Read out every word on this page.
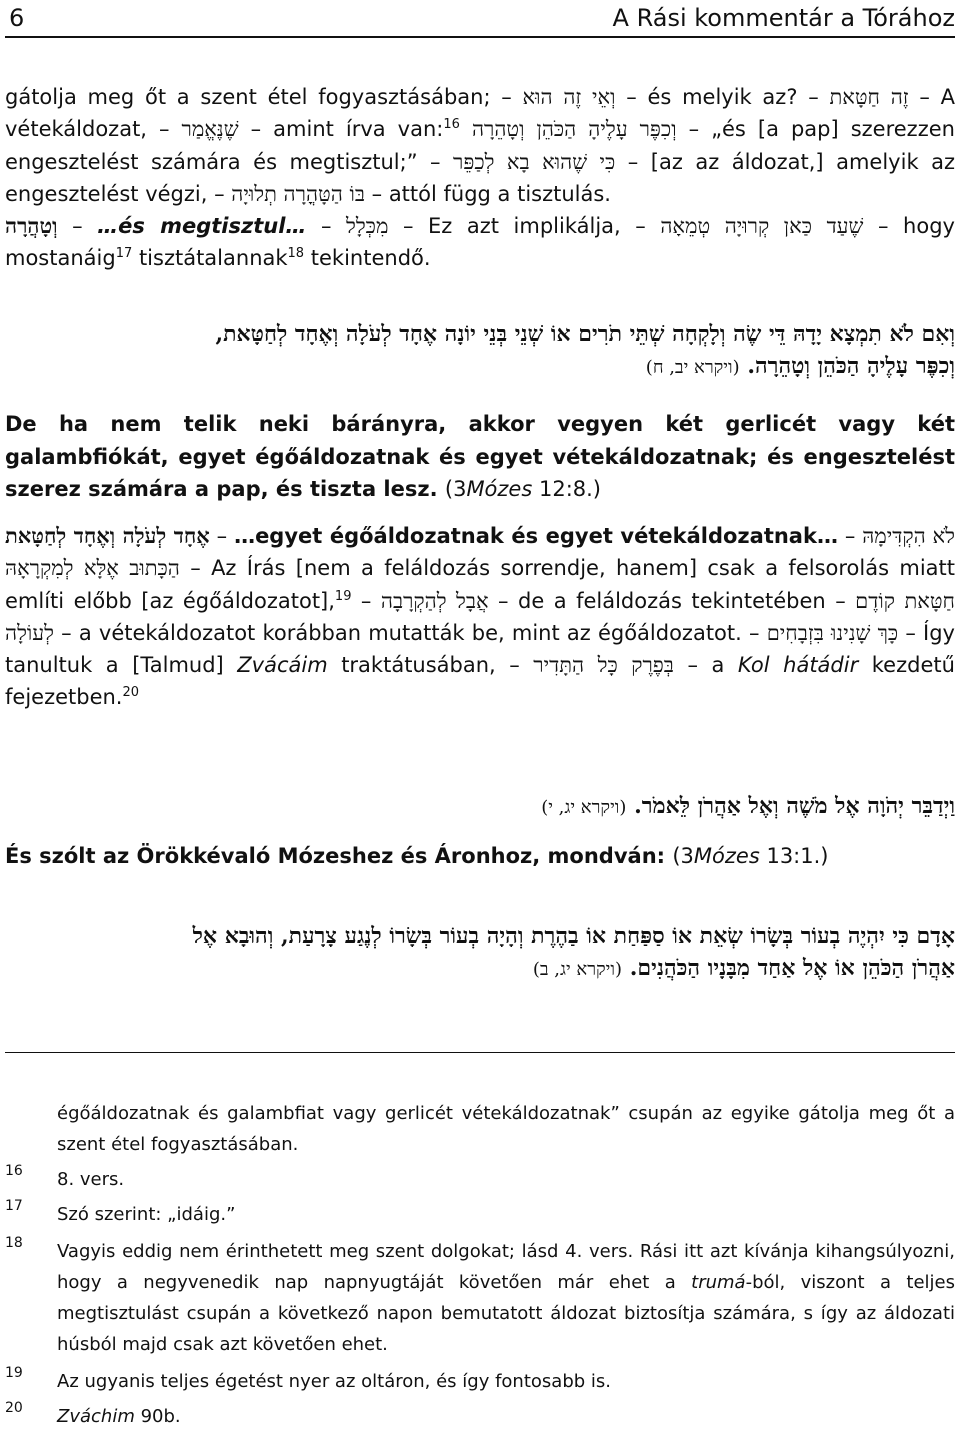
6	A Rási kommentár a Tórához
gátolja meg őt a szent étel fogyasztásában; – וְאֵי זֶה הוּא – és melyik az? – זֶה חַטָּאת – A vétekáldozat, – שֶׁנֶּאֱמַר – amint írva van:$^{16}$ וְכִפֶּר עָלֶיהָ הַכֹּהֵן וְטָהֵרָה – „és [a pap] szerezzen engesztelést számára és megtisztul;” – כִּי שֶׁהוּא בָא לְכַפֵּר – [az az áldozat,] amelyik az engesztelést végzi, – בּוֹ הַטָּהֳרָה תְלוּיָה – attól függ a tisztulás.
וְטָהֲרָה – …és megtisztul… – מִכְּלָל – Ez azt implikálja, – שֶׁעַד כַּאן קְרוּיָה טְמֵאָה – hogy mostanáig$^{17}$ tisztátalannak$^{18}$ tekintendő.
וְאִם לֹא תִמְצָא יָדָהּ דֵּי שֶׂה וְלָקְחָה שְׁתֵּי תֹרִים אוֹ שְׁנֵי בְּנֵי יוֹנָה אֶחָד לְעֹלָה וְאֶחָד לְחַטָּאת,
וְכִפֶּר עָלֶיהָ הַכֹּהֵן וְטָהֵרָה. (ויקרא יב, ח)
De ha nem telik neki bárányra, akkor vegyen két gerlicét vagy két galambfiókát, egyet égőáldozatnak és egyet vétekáldozatnak; és engesztelést szerez számára a pap, és tiszta lesz. (3Mózes 12:8.)
אֶחָד לְעֹלָה וְאֶחָד לְחַטָּאת – …egyet égőáldozatnak és egyet vétekáldozatnak… – לֹא הִקְדִּימָהּ הַכָּתוּב אֶלָּא לְמִקְרָאָהּ – Az Írás [nem a feláldozás sorrendje, hanem] csak a felsorolás miatt említi előbb [az égőáldozatot],$^{19}$ – אֲבָל לְהַקְרָבָה – de a feláldozás tekintetében – חַטָּאת קוֹדֶם לְעוֹלָה – a vétekáldozatot korábban mutatták be, mint az égőáldozatot. – כָּךְ שָׁנִינוּ בִּזְבָחִים – Így tanultuk a [Talmud] Zvácáim traktátusában, – בְּפֶרֶק כָּל הַתָּדִיר – a Kol hátádir kezdetű fejezetben.$^{20}$
וַיְדַבֵּר יְהֹוָה אֶל מֹשֶׁה וְאֶל אַהֲרֹן לֵּאמֹר. (ויקרא יג, י)
És szólt az Örökkévaló Mózeshez és Áronhoz, mondván: (3Mózes 13:1.)
אָדָם כִּי יִהְיֶה בְעוֹר בְּשָׂרוֹ שְׂאֵת אוֹ סַפַּחַת אוֹ בַהֶרֶת וְהָיָה בְעוֹר בְּשָׂרוֹ לְנֶגַע צָרָעַת, וְהוּבָא אֶל
אַהֲרֹן הַכֹּהֵן אוֹ אֶל אַחַד מִבָּנָיו הַכֹּהֲנִים. (ויקרא יג, ב)

égőáldozatnak és galambfiat vagy gerlicét vétekáldozatnak” csupán az egyike gátolja meg őt a szent étel fogyasztásában.

16 8. vers.

17 Szó szerint: „idáig.”

18 Vagyis eddig nem érinthetett meg szent dolgokat; lásd 4. vers. Rási itt azt kívánja kihangsúlyozni, hogy a negyvenedik nap napnyugtáját követően már ehet a trumá-ból, viszont a teljes megtisztulást csupán a következő napon bemutatott áldozat biztosítja számára, s így az áldozati húsból majd csak azt követően ehet.

19 Az ugyanis teljes égetést nyer az oltáron, és így fontosabb is.

20 Zváchim 90b.
